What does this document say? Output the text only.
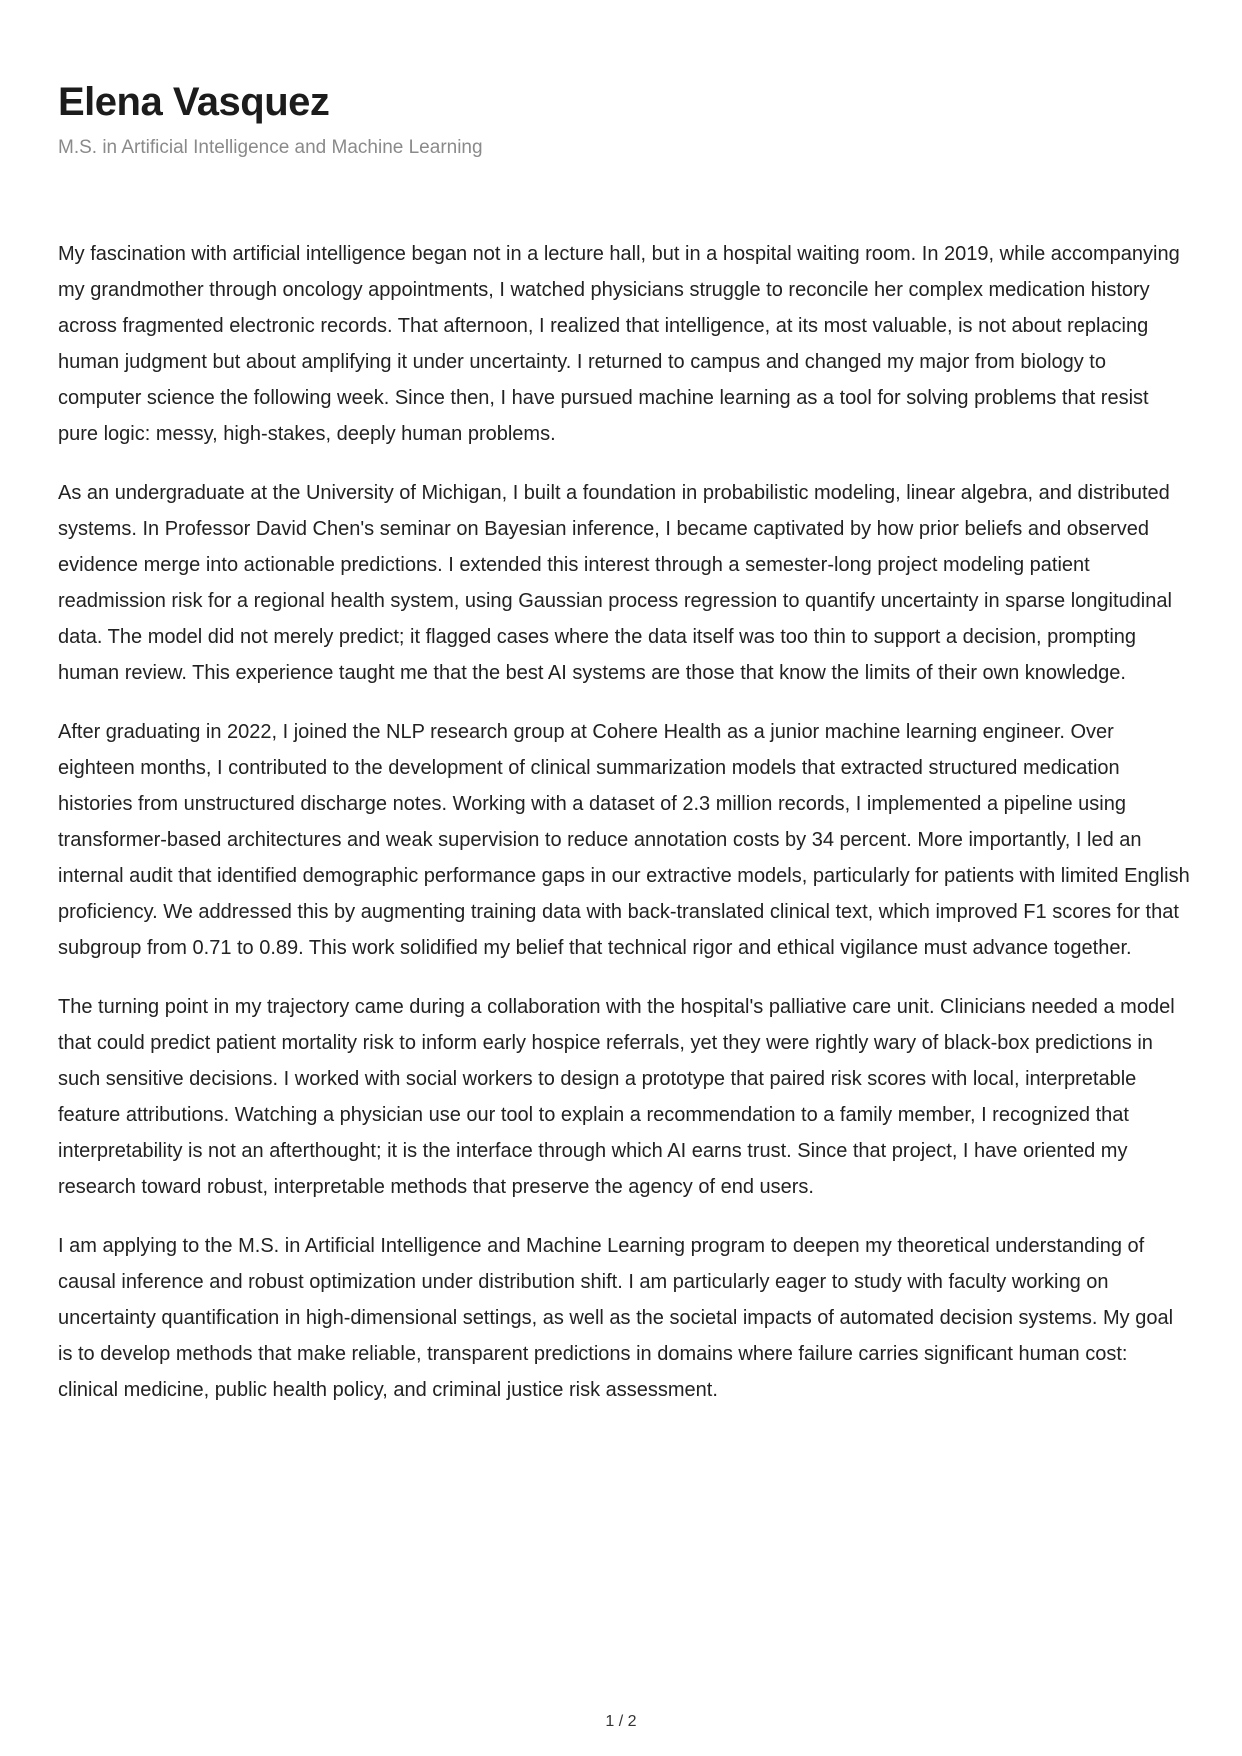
Elena Vasquez
M.S. in Artificial Intelligence and Machine Learning

My fascination with artificial intelligence began not in a lecture hall, but in a hospital waiting room. In 2019, while accompanying my grandmother through oncology appointments, I watched physicians struggle to reconcile her complex medication history across fragmented electronic records. That afternoon, I realized that intelligence, at its most valuable, is not about replacing human judgment but about amplifying it under uncertainty. I returned to campus and changed my major from biology to computer science the following week. Since then, I have pursued machine learning as a tool for solving problems that resist pure logic: messy, high-stakes, deeply human problems.

As an undergraduate at the University of Michigan, I built a foundation in probabilistic modeling, linear algebra, and distributed systems. In Professor David Chen's seminar on Bayesian inference, I became captivated by how prior beliefs and observed evidence merge into actionable predictions. I extended this interest through a semester-long project modeling patient readmission risk for a regional health system, using Gaussian process regression to quantify uncertainty in sparse longitudinal data. The model did not merely predict; it flagged cases where the data itself was too thin to support a decision, prompting human review. This experience taught me that the best AI systems are those that know the limits of their own knowledge.

After graduating in 2022, I joined the NLP research group at Cohere Health as a junior machine learning engineer. Over eighteen months, I contributed to the development of clinical summarization models that extracted structured medication histories from unstructured discharge notes. Working with a dataset of 2.3 million records, I implemented a pipeline using transformer-based architectures and weak supervision to reduce annotation costs by 34 percent. More importantly, I led an internal audit that identified demographic performance gaps in our extractive models, particularly for patients with limited English proficiency. We addressed this by augmenting training data with back-translated clinical text, which improved F1 scores for that subgroup from 0.71 to 0.89. This work solidified my belief that technical rigor and ethical vigilance must advance together.

The turning point in my trajectory came during a collaboration with the hospital's palliative care unit. Clinicians needed a model that could predict patient mortality risk to inform early hospice referrals, yet they were rightly wary of black-box predictions in such sensitive decisions. I worked with social workers to design a prototype that paired risk scores with local, interpretable feature attributions. Watching a physician use our tool to explain a recommendation to a family member, I recognized that interpretability is not an afterthought; it is the interface through which AI earns trust. Since that project, I have oriented my research toward robust, interpretable methods that preserve the agency of end users.

I am applying to the M.S. in Artificial Intelligence and Machine Learning program to deepen my theoretical understanding of causal inference and robust optimization under distribution shift. I am particularly eager to study with faculty working on uncertainty quantification in high-dimensional settings, as well as the societal impacts of automated decision systems. My goal is to develop methods that make reliable, transparent predictions in domains where failure carries significant human cost: clinical medicine, public health policy, and criminal justice risk assessment.

1 / 2
